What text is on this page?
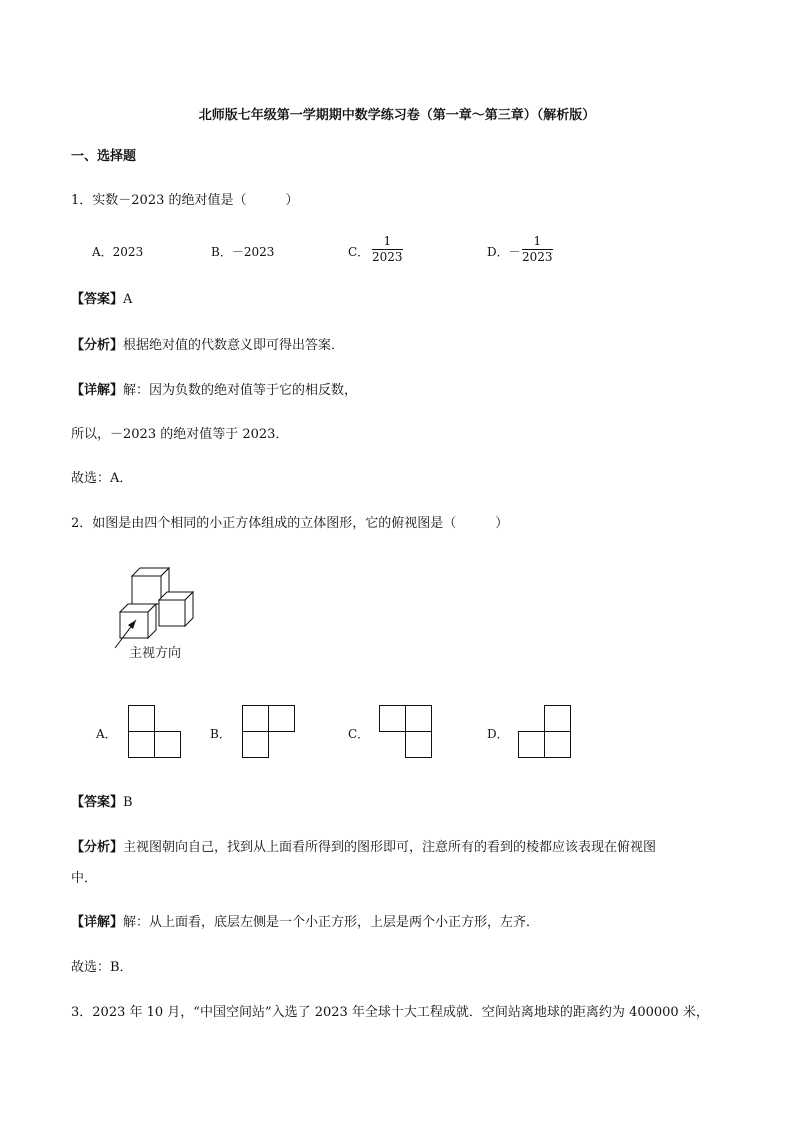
北师版七年级第一学期期中数学练习卷（第一章～第三章）（解析版）
一、选择题
1．实数－2023 的绝对值是（　　　）
A．2023	B．－2023	C．
1
2023	D．－
1
2023
【答案】A
【分析】根据绝对值的代数意义即可得出答案．
【详解】解：因为负数的绝对值等于它的相反数，
所以，－2023 的绝对值等于 2023．
故选：A．
2．如图是由四个相同的小正方体组成的立体图形，它的俯视图是（　　　）
主视方向
A．	B．	C．	D．
【答案】B
【分析】主视图朝向自己，找到从上面看所得到的图形即可，注意所有的看到的棱都应该表现在俯视图
中．
【详解】解：从上面看，底层左侧是一个小正方形，上层是两个小正方形，左齐．
故选：B．
3．2023 年 10 月，“中国空间站”入选了 2023 年全球十大工程成就．空间站离地球的距离约为 400000 米，
